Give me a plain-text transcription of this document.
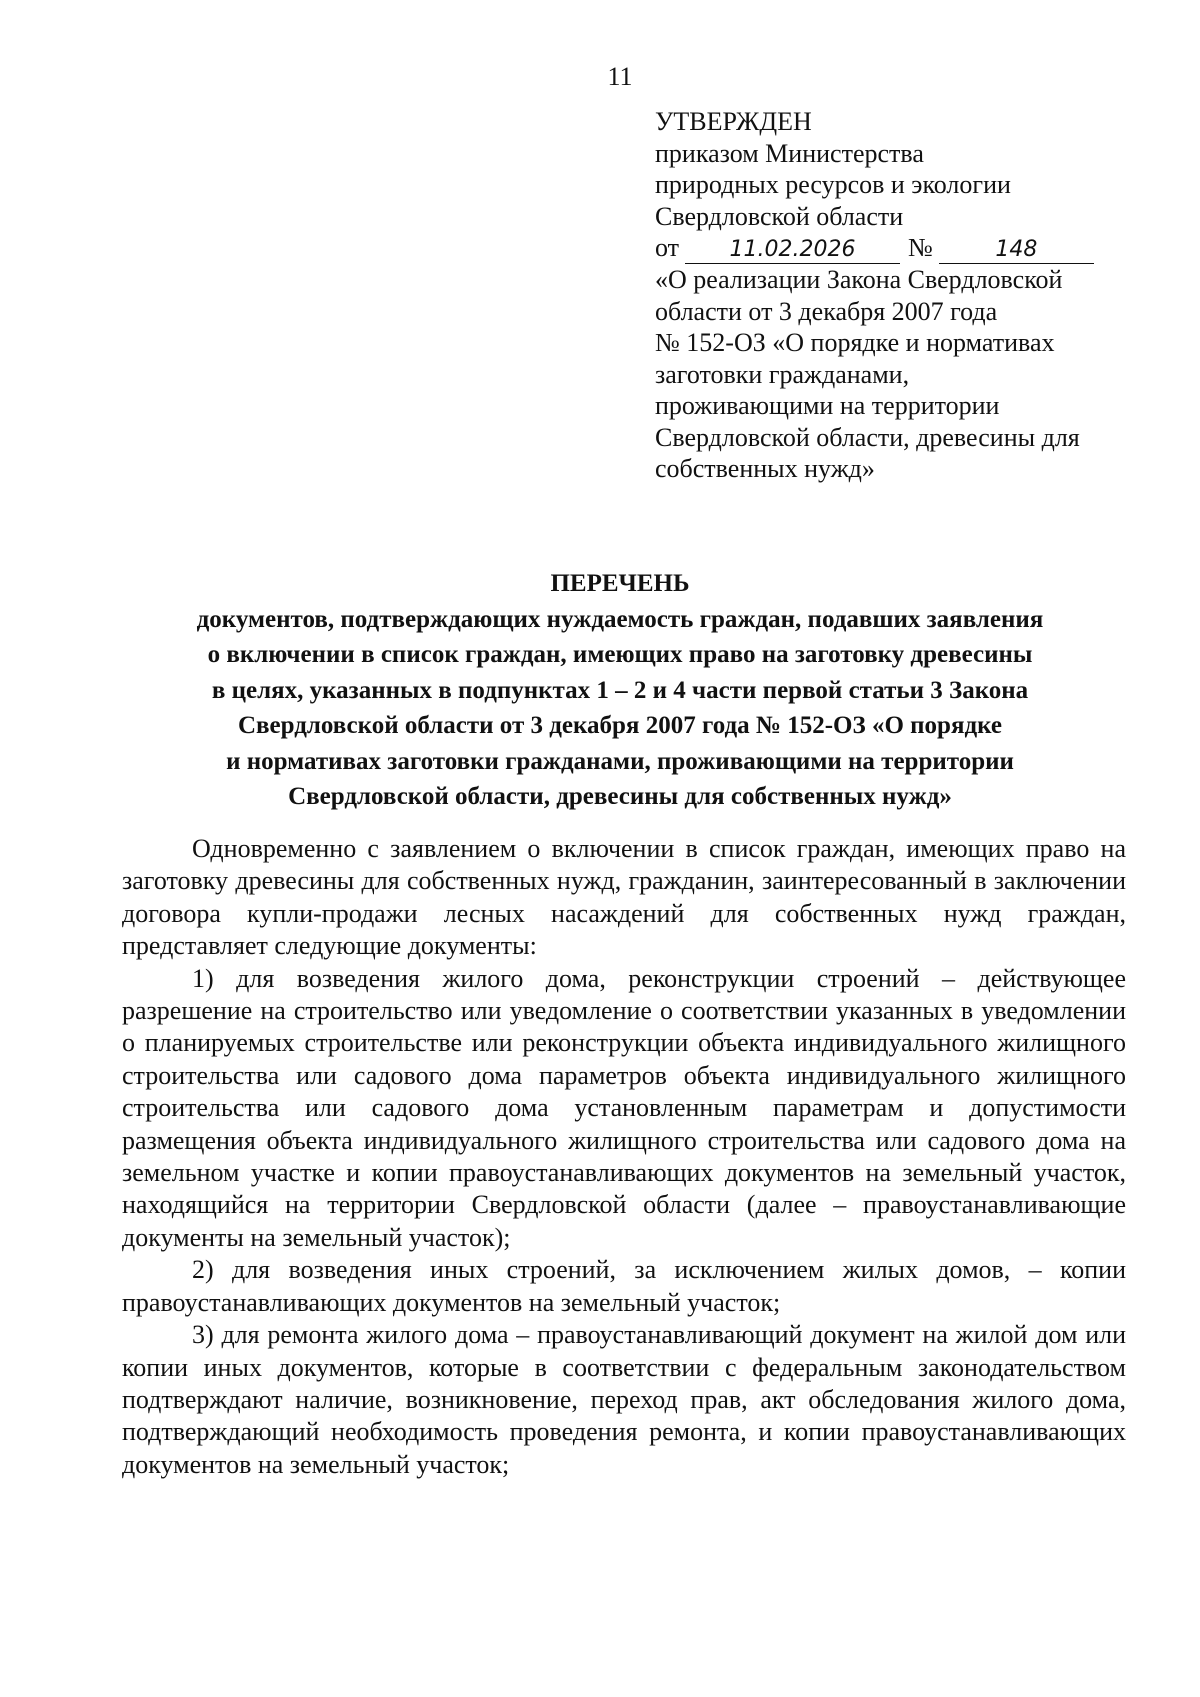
11
УТВЕРЖДЕН
приказом Министерства
природных ресурсов и экологии
Свердловской области
от 11.02.2026 №	148
«О реализации Закона Свердловской
области от 3 декабря 2007 года
№ 152-ОЗ «О порядке и нормативах
заготовки гражданами,
проживающими на территории
Свердловской области, древесины для
собственных нужд»
ПЕРЕЧЕНЬ
документов, подтверждающих нуждаемость граждан, подавших заявления
о включении в список граждан, имеющих право на заготовку древесины
в целях, указанных в подпунктах 1 – 2 и 4 части первой статьи 3 Закона
Свердловской области от 3 декабря 2007 года № 152-ОЗ «О порядке
и нормативах заготовки гражданами, проживающими на территории
Свердловской области, древесины для собственных нужд»

Одновременно с заявлением о включении в список граждан, имеющих право на заготовку древесины для собственных нужд, гражданин, заинтересованный в заключении договора купли-продажи лесных насаждений для собственных нужд граждан, представляет следующие документы:

1) для возведения жилого дома, реконструкции строений – действующее разрешение на строительство или уведомление о соответствии указанных в уведомлении о планируемых строительстве или реконструкции объекта индивидуального жилищного строительства или садового дома параметров объекта индивидуального жилищного строительства или садового дома установленным параметрам и допустимости размещения объекта индивидуального жилищного строительства или садового дома на земельном участке и копии правоустанавливающих документов на земельный участок, находящийся на территории Свердловской области (далее – правоустанавливающие документы на земельный участок);

2) для возведения иных строений, за исключением жилых домов, – копии правоустанавливающих документов на земельный участок;

3) для ремонта жилого дома – правоустанавливающий документ на жилой дом или копии иных документов, которые в соответствии с федеральным законодательством подтверждают наличие, возникновение, переход прав, акт обследования жилого дома, подтверждающий необходимость проведения ремонта, и копии правоустанавливающих документов на земельный участок;
